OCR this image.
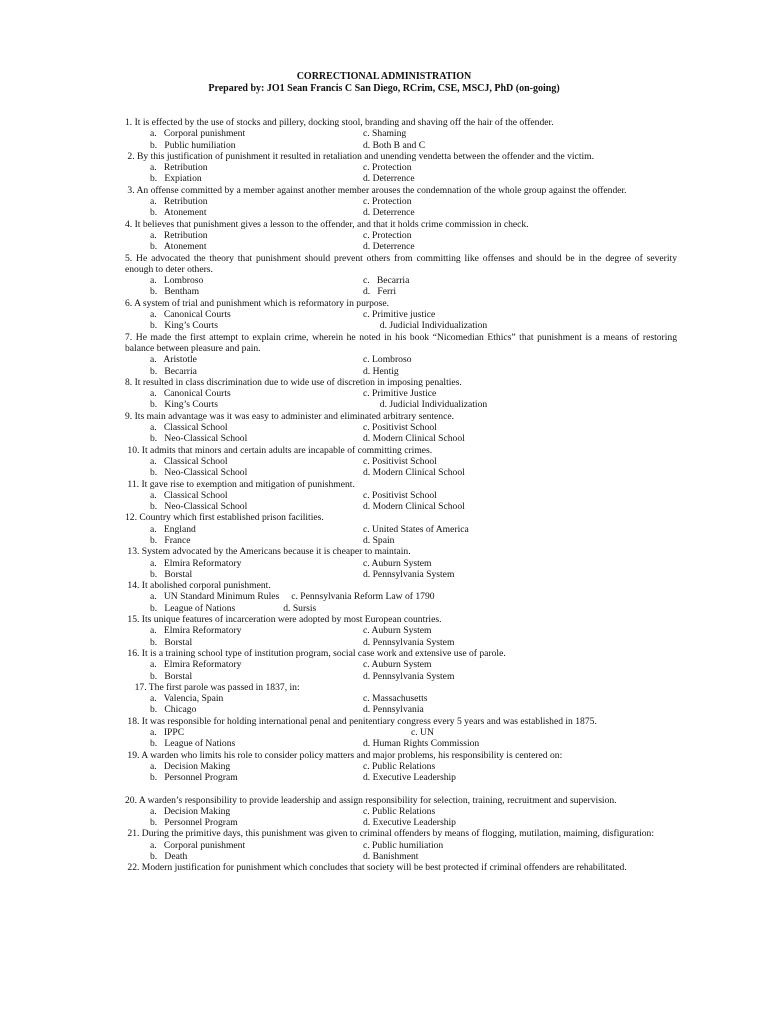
CORRECTIONAL ADMINISTRATION
Prepared by: JO1 Sean Francis C San Diego, RCrim, CSE, MSCJ, PhD (on-going)
1. It is effected by the use of stocks and pillery, docking stool, branding and shaving off the hair of the offender.
a.   Corporal punishment	c. Shaming
b.   Public humiliation	d. Both B and C
2. By this justification of punishment it resulted in retaliation and unending vendetta between the offender and the victim.
a.   Retribution	c. Protection
b.   Expiation	d. Deterrence
3. An offense committed by a member against another member arouses the condemnation of the whole group against the offender.
a.   Retribution	c. Protection
b.   Atonement	d. Deterrence
4. It believes that punishment gives a lesson to the offender, and that it holds crime commission in check.
a.   Retribution	c. Protection
b.   Atonement	d. Deterrence
5. He advocated the theory that punishment should prevent others from committing like offenses and should be in the degree of severity enough to deter others.
a.   Lombroso	c.   Becarria
b.   Bentham	d.   Ferri
6. A system of trial and punishment which is reformatory in purpose.
a.   Canonical Courts	c. Primitive justice
b.   King’s Courts	d. Judicial Individualization
7. He made the first attempt to explain crime, wherein he noted in his book “Nicomedian Ethics” that punishment is a means of restoring balance between pleasure and pain.
a.   Aristotle	c. Lombroso
b.   Becarria	d. Hentig
8. It resulted in class discrimination due to wide use of discretion in imposing penalties.
a.   Canonical Courts	c. Primitive Justice
b.   King’s Courts	d. Judicial Individualization
9. Its main advantage was it was easy to administer and eliminated arbitrary sentence.
a.   Classical School	c. Positivist School
b.   Neo-Classical School	d. Modern Clinical School
10. It admits that minors and certain adults are incapable of committing crimes.
a.   Classical School	c. Positivist School
b.   Neo-Classical School	d. Modern Clinical School
11. It gave rise to exemption and mitigation of punishment.
a.   Classical School	c. Positivist School
b.   Neo-Classical School	d. Modern Clinical School
12. Country which first established prison facilities.
a.   England	c. United States of America
b.   France	d. Spain
13. System advocated by the Americans because it is cheaper to maintain.
a.   Elmira Reformatory	c. Auburn System
b.   Borstal	d. Pennsylvania System
14. It abolished corporal punishment.
a.   UN Standard Minimum Rules     c. Pennsylvania Reform Law of 1790
b.   League of Nations                    d. Sursis
15. Its unique features of incarceration were adopted by most European countries.
a.   Elmira Reformatory	c. Auburn System
b.   Borstal	d. Pennsylvania System
16. It is a training school type of institution program, social case work and extensive use of parole.
a.   Elmira Reformatory	c. Auburn System
b.   Borstal	d. Pennsylvania System
17. The first parole was passed in 1837, in:
a.   Valencia, Spain	c. Massachusetts
b.   Chicago	d. Pennsylvania
18. It was responsible for holding international penal and penitentiary congress every 5 years and was established in 1875.
a.   IPPC	c. UN
b.   League of Nations	d. Human Rights Commission
19. A warden who limits his role to consider policy matters and major problems, his responsibility is centered on:
a.   Decision Making	c. Public Relations
b.   Personnel Program	d. Executive Leadership
20. A warden’s responsibility to provide leadership and assign responsibility for selection, training, recruitment and supervision.
a.   Decision Making	c. Public Relations
b.   Personnel Program	d. Executive Leadership
21. During the primitive days, this punishment was given to criminal offenders by means of flogging, mutilation, maiming, disfiguration:
a.   Corporal punishment	c. Public humiliation
b.   Death	d. Banishment
22. Modern justification for punishment which concludes that society will be best protected if criminal offenders are rehabilitated.
